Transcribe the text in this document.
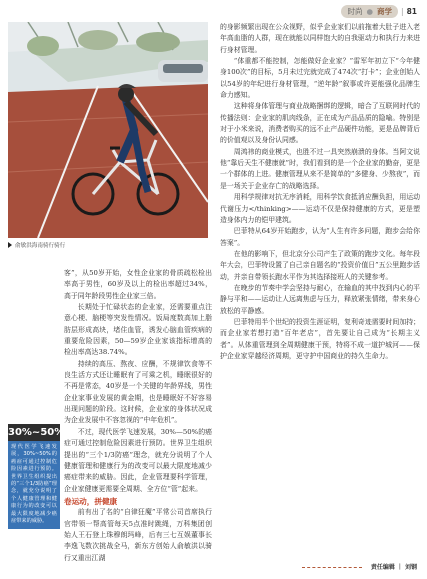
时尚 ● 商学 | 81
俞敏洪海南骑行骑行

客”，从50岁开始，女性企业家的骨质疏松检出率高于男性，60岁及以上的检出率超过34%，高于同年龄段男性企业家三倍。

长期处于忙碌状态的企业家，还需要重点注意心梗、脑梗等突发性情况。饭局度数高加上脂肪层形成高块，堵住血管，诱发心脑血管疾病的重要危险因素，50—59岁企业家该指标增高的检出率高达38.74%。

持续的高压、熬夜、应酬，不规律饮食等不良生活方式还让睡眠有了可乘之机，睡眠很好的不再是常态，40岁是一个关键的年龄界线，男性企业家事业发展的黄金期，也是睡眠好不好容易出现问题的阶段。这时候，企业家的身体状况成为企业发展中不容忽视的“中年危机”。

不过，现代医学飞速发展，30%—50%的癌症可通过控制危险因素进行预防。世界卫生组织提出的“三个1/3防癌”理念，就充分说明了个人健康管理和健康行为的改变可以最大限度地减少癌症带来的威胁。因此，企业管理要科学管理，企业家健康更需要全周期、全方位“管”起来。

卷运动，拼健康

前有出了名的“自律狂魔”平常公司首席执行官带领一帮高管每天5点准时跳绳，万科集团创始人王石登上珠穆朗玛峰，后有三七互娱董事长李逸飞数次挑战全马，新东方创始人俞敏洪以骑行又重出江湖

30%~50%
现代医学飞速发展，30%~50%的癌症可通过控制危险因素进行预防。世界卫生组织提出的“三个1/3防癌”理念，就充分说明了个人健康管理和健康行为的改变可以最大限度地减少癌症带来的威胁。

的身影频繁出现在公众视野，似乎企业家们以前拖着大肚子进入老年高血脂的人群，现在就能以同样饱大的自我驱动力和执行力来进行身材管理。

“体重都不能控制，怎能做好企业家？”雷军年初立下“今年健身100次”的目标，5月未过完就完成了474次“打卡”；企业创始人以54岁的年纪进行身材管理，“逆年龄”叙事或许更能强化品牌生命力感知。

这种将身体管理与商业战略捆绑的逻辑，暗合了互联网时代的传播法则：企业家的肌肉线条，正在成为产品品质的隐喻。特别是对于小米来说，消费者购买的远不止产品硬件功能，更是品牌背后的价值观以及身份认同感。

周鸿祎的商业模式，也胜不过一具突然崩溃的身体。当阿文说他“靠后天生不健康就”时，我们看到的是一个企业家的勤奋，更是一个群体的上进。健康管理从来不是简单的“多健身、少熬夜”，而是一场关于企业存亡的战略选择。

用科学规律对抗无序消耗，用科学饮食抵消应酬负担，用运动代谢压力</thinking>——运动不仅是保持健康的方式，更是塑造身体内力的铠甲建筑。

巴菲特从64岁开始跑步，认为“人生有许多问题，跑步会给你答案”。

在他的影响下，但北京分公司产生了政策的跑步文化。每年段年大会，巴菲特设置了自己亲自题名的“投资价值日”五公里跑步活动，并亲自带领长跑水平作为其选择接班人的关键参考。

在晚步的节奏中学会坚持与耐心，在输血的其中找到内心的平静与平和——运动让人远离焦虑与压力，释放紧张情绪，带来身心放松的平静感。

巴菲特用半个世纪的投资生涯证明，复利奇迹需要时间加持；而企业家若想打造“百年老店”，首先要让自己成为“长期主义者”。从体重管理到全周期健康干预，特将不成一道护城河——保护企业家穿越经济周期，更守护中国商业的持久生命力。

责任编辑 ｜ 刘钢
